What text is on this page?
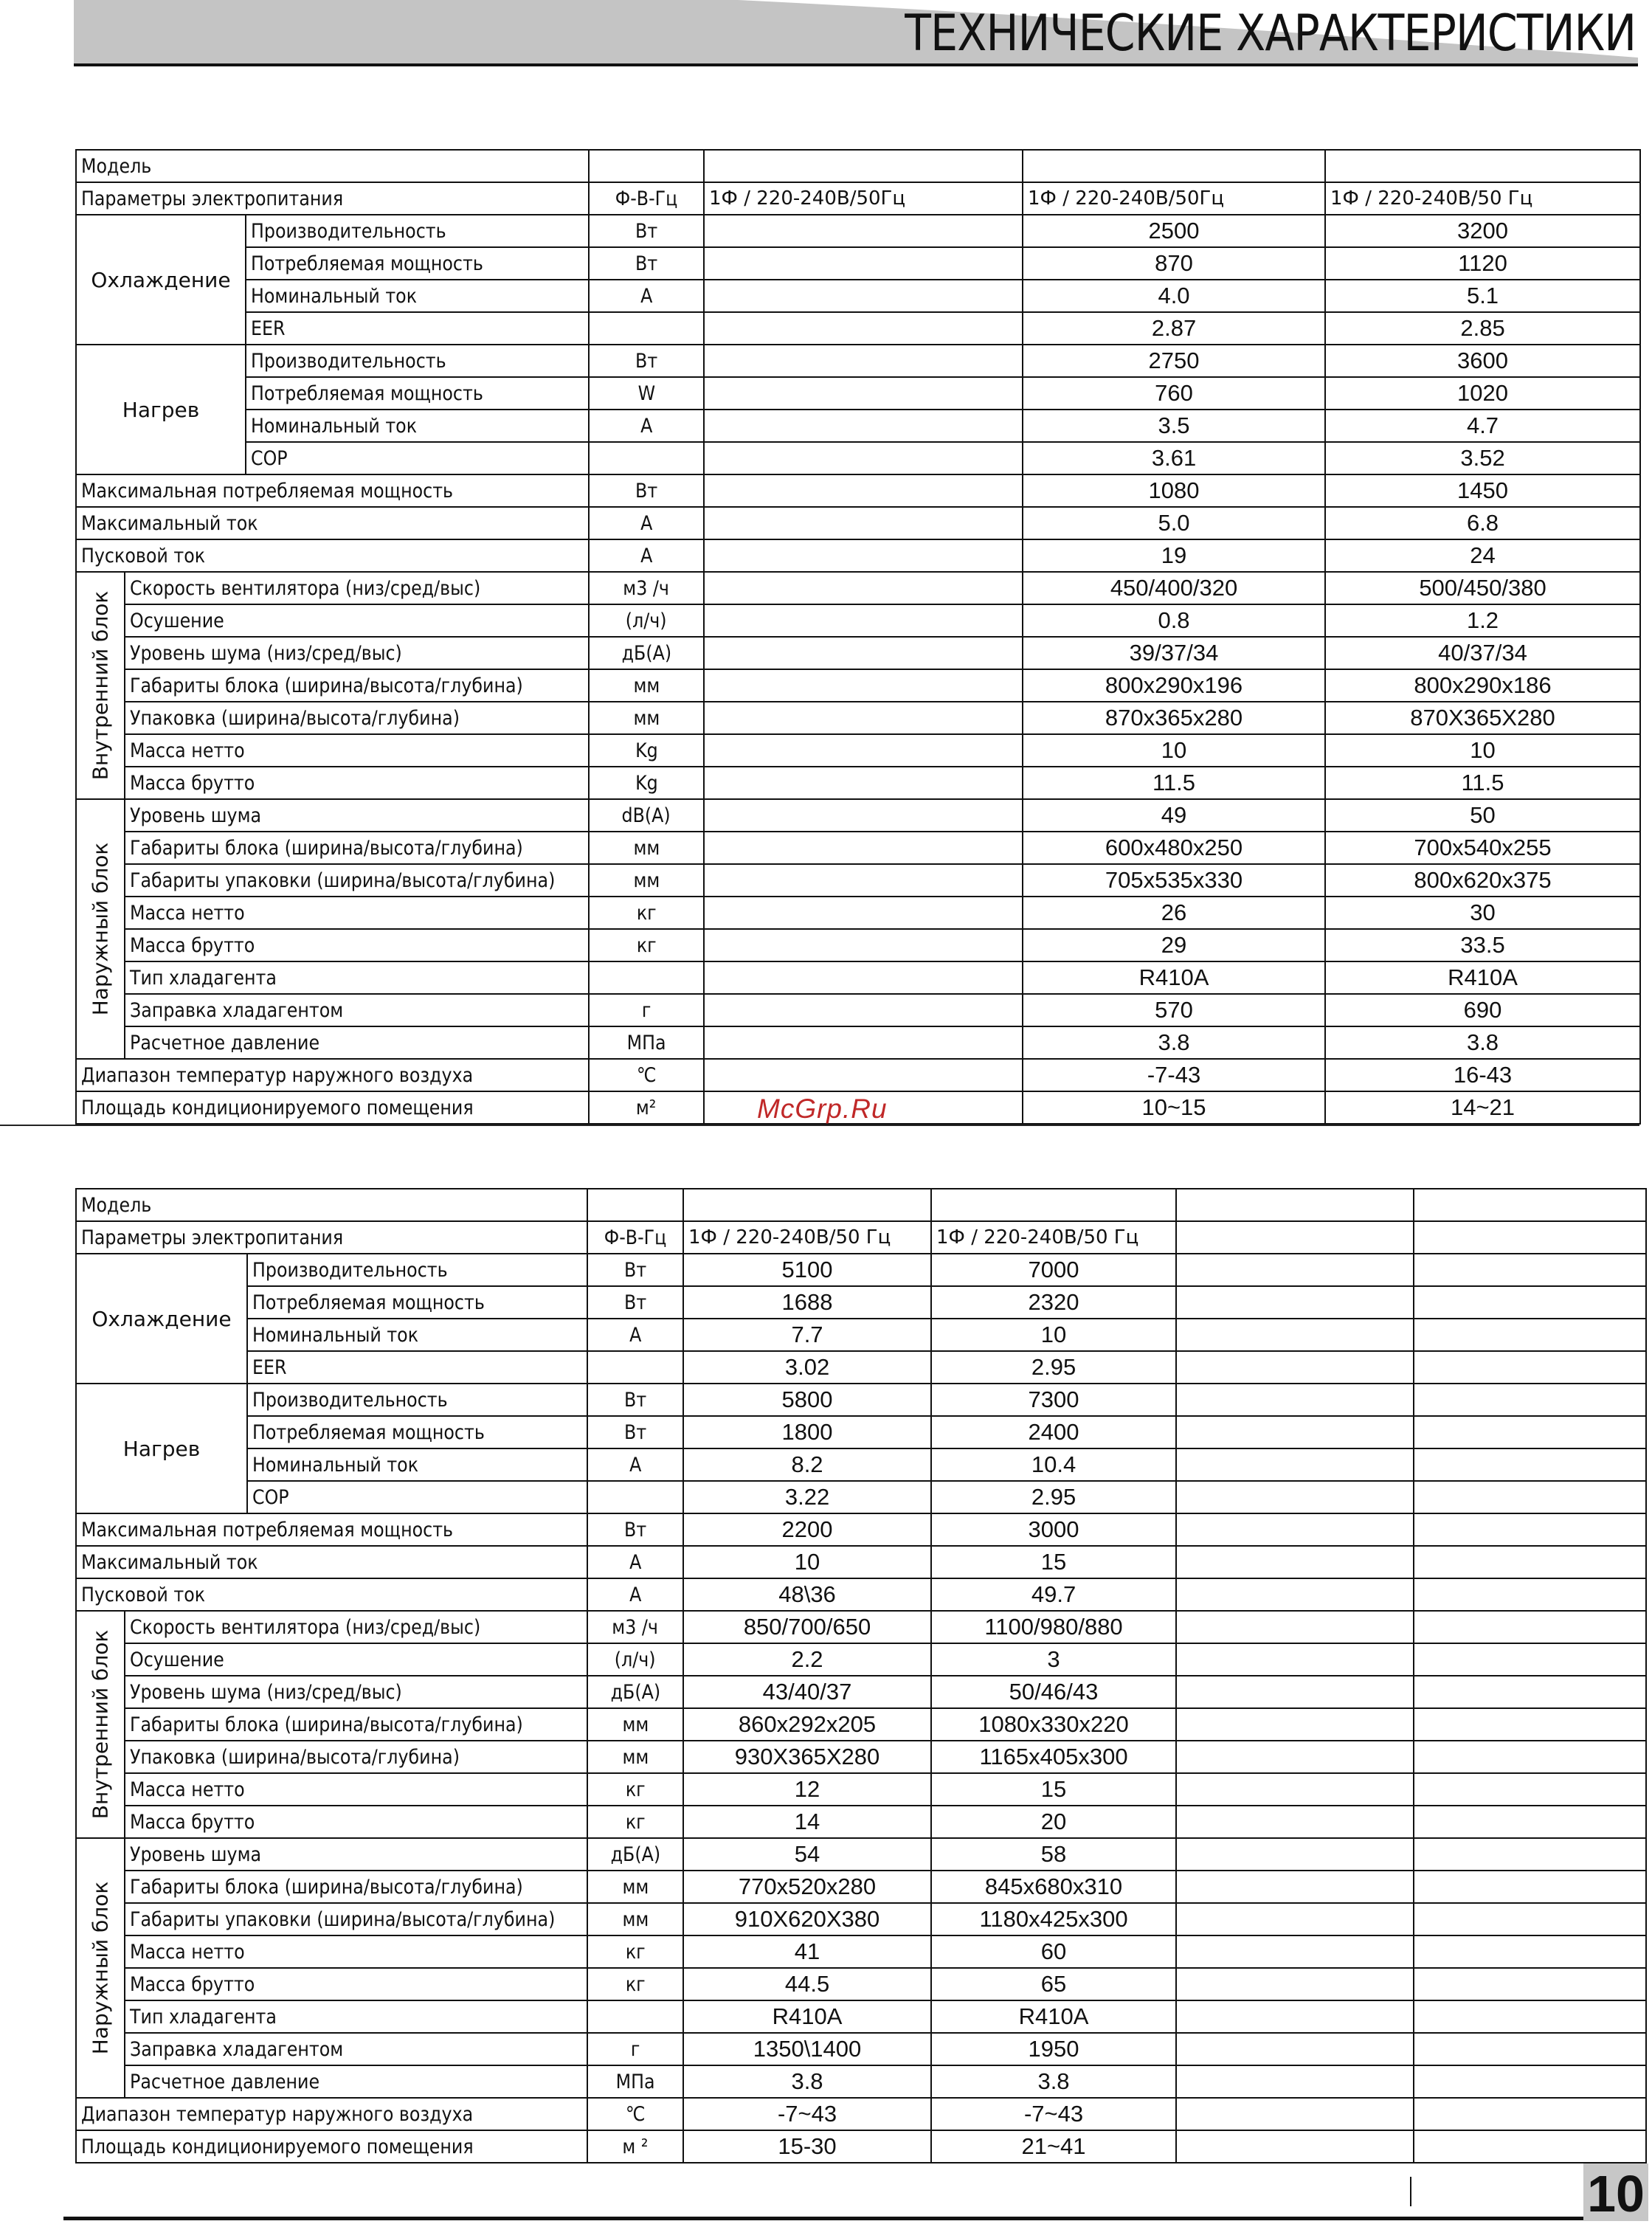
ТЕХНИЧЕСКИЕ ХАРАКТЕРИСТИКИ
Модель						
Параметры электропитания			Ф-В-Гц	1Ф / 220-240В/50Гц	1Ф / 220-240В/50Гц	1Ф / 220-240В/50 Гц
Охлаждение		Производительность	Вт		2500	3200
		Потребляемая мощность	Вт		870	1120
		Номинальный ток	A		4.0	5.1
		EER			2.87	2.85
Нагрев		Производительность	Вт		2750	3600
		Потребляемая мощность	W		760	1020
		Номинальный ток	A		3.5	4.7
		COP			3.61	3.52
Максимальная потребляемая мощность			Вт		1080	1450
Максимальный ток			A		5.0	6.8
Пусковой ток			A		19	24

Внутренний блок	Скорость вентилятора (низ/сред/выс)		м3 /ч		450/400/320	500/450/380
	Осушение		(л/ч)		0.8	1.2
	Уровень шума (низ/сред/выс)		дБ(A)		39/37/34	40/37/34
	Габариты блока (ширина/высота/глубина)		мм		800x290x196	800x290x186
	Упаковка (ширина/высота/глубина)		мм		870x365x280	870X365X280
	Масса нетто		Kg		10	10
	Масса брутто		Kg		11.5	11.5

Наружный блок	Уровень шума		dB(A)		49	50
	Габариты блока (ширина/высота/глубина)		мм		600x480x250	700x540x255
	Габариты упаковки (ширина/высота/глубина)		мм		705x535x330	800x620x375
	Масса нетто		кг		26	30
	Масса брутто		кг		29	33.5
	Тип хладагента				R410A	R410A
	Заправка хладагентом		г		570	690
	Расчетное давление		МПа		3.8	3.8
Диапазон температур наружного воздуха			℃		-7-43	16-43
Площадь кондиционируемого помещения			м²		10~15	14~21
McGrp.Ru
Модель							
Параметры электропитания			Ф-В-Гц	1Ф / 220-240В/50 Гц	1Ф / 220-240В/50 Гц		
Охлаждение		Производительность	Вт	5100	7000		
		Потребляемая мощность	Вт	1688	2320		
		Номинальный ток	A	7.7	10		
		EER		3.02	2.95		
Нагрев		Производительность	Вт	5800	7300		
		Потребляемая мощность	Вт	1800	2400		
		Номинальный ток	A	8.2	10.4		
		COP		3.22	2.95		
Максимальная потребляемая мощность			Вт	2200	3000		
Максимальный ток			A	10	15		
Пусковой ток			A	48\36	49.7		

Внутренний блок	Скорость вентилятора (низ/сред/выс)		м3 /ч	850/700/650	1100/980/880		
	Осушение		(л/ч)	2.2	3		
	Уровень шума (низ/сред/выс)		дБ(A)	43/40/37	50/46/43		
	Габариты блока (ширина/высота/глубина)		мм	860x292x205	1080x330x220		
	Упаковка (ширина/высота/глубина)		мм	930X365X280	1165x405x300		
	Масса нетто		кг	12	15		
	Масса брутто		кг	14	20		

Наружный блок	Уровень шума		дБ(A)	54	58		
	Габариты блока (ширина/высота/глубина)		мм	770x520x280	845x680x310		
	Габариты упаковки (ширина/высота/глубина)		мм	910X620X380	1180x425x300		
	Масса нетто		кг	41	60		
	Масса брутто		кг	44.5	65		
	Тип хладагента			R410A	R410A		
	Заправка хладагентом		г	1350\1400	1950		
	Расчетное давление		МПа	3.8	3.8		
Диапазон температур наружного воздуха			℃	-7~43	-7~43		
Площадь кондиционируемого помещения			м ²	15-30	21~41		
10
